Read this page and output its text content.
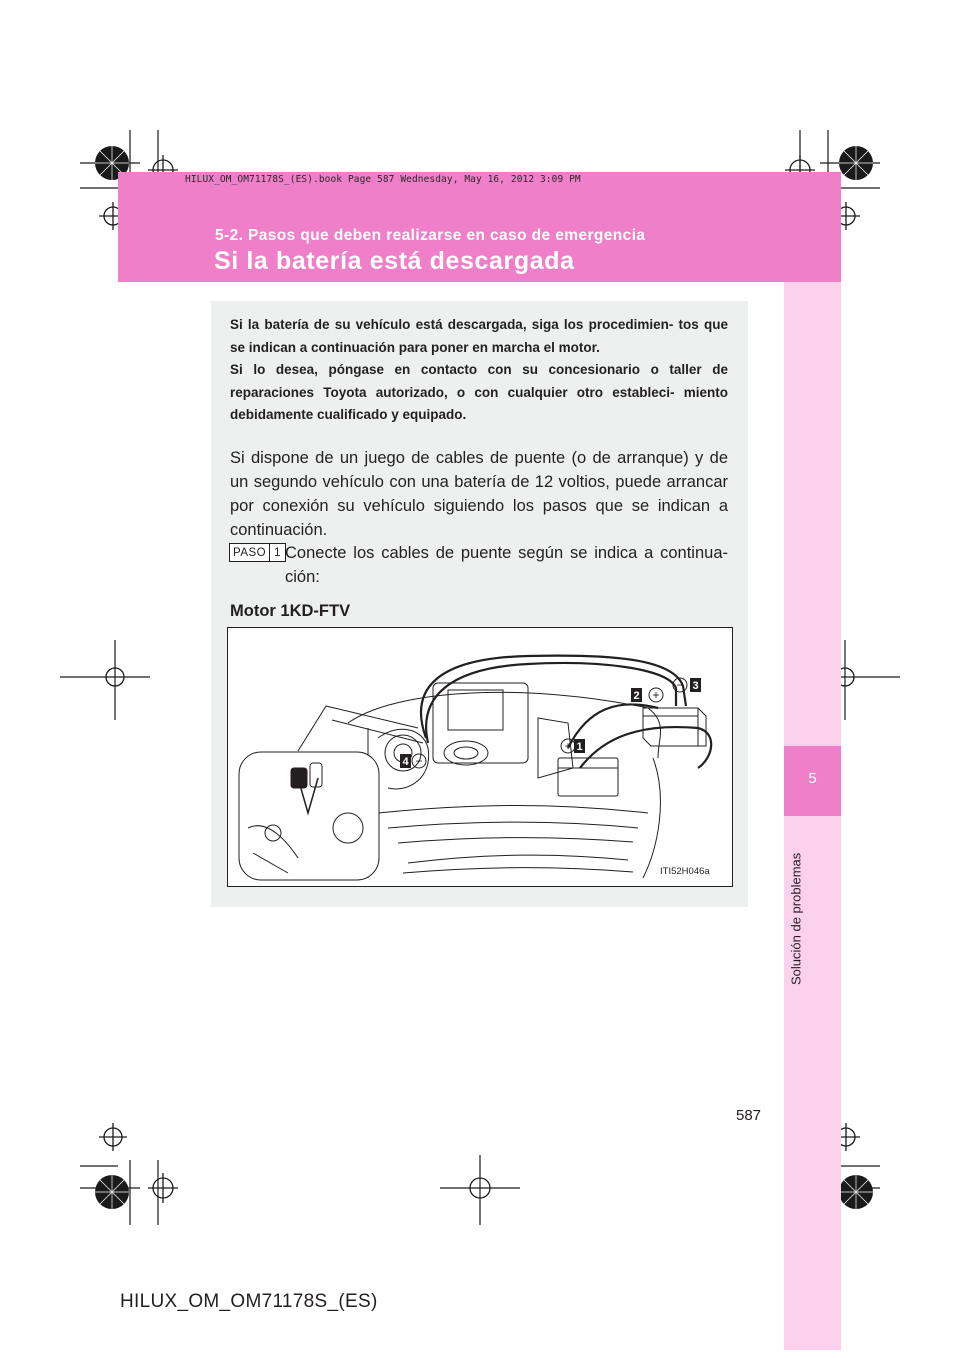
HILUX_OM_OM71178S_(ES).book Page 587 Wednesday, May 16, 2012 3:09 PM
5-2. Pasos que deben realizarse en caso de emergencia
Si la batería está descargada
5
Solución de problemas

Si la batería de su vehículo está descargada, siga los procedimien- tos que se indican a continuación para poner en marcha el motor.
Si lo desea, póngase en contacto con su concesionario o taller de reparaciones Toyota autorizado, o con cualquier otro estableci- miento debidamente cualificado y equipado.

Si dispone de un juego de cables de puente (o de arranque) y de un segundo vehículo con una batería de 12 voltios, puede arrancar por conexión su vehículo siguiendo los pasos que se indican a continuación.

PASO 1 Conecte los cables de puente según se indica a continua- ción:

Motor 1KD-FTV
−
+
+
−
1
2
3
4
ITI52H046a
587
HILUX_OM_OM71178S_(ES)
